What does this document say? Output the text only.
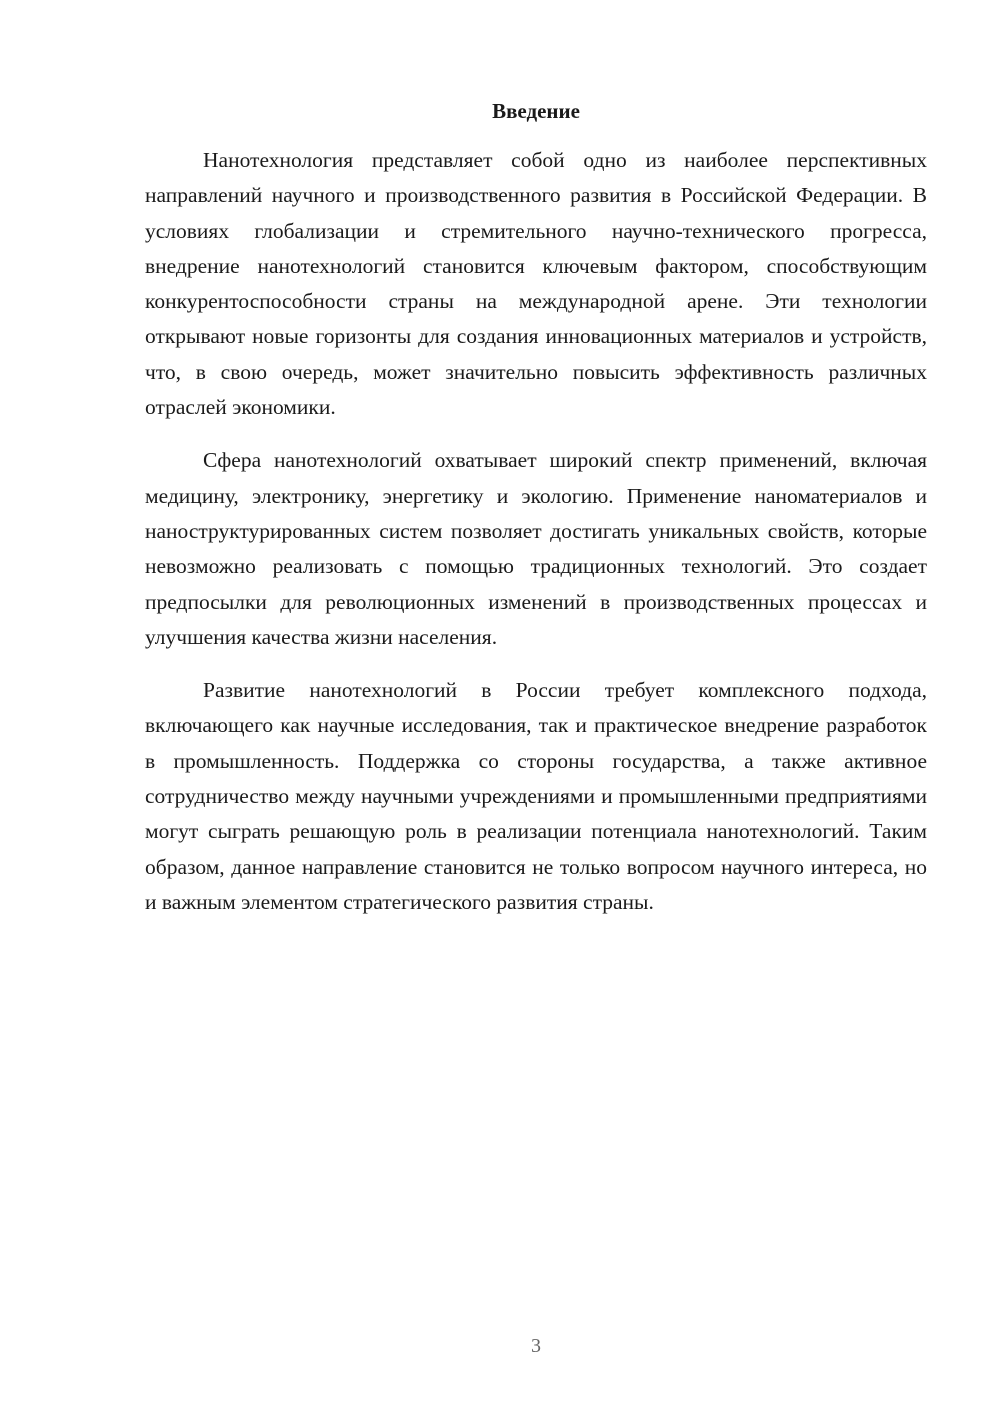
Введение

Нанотехнология представляет собой одно из наиболее перспективных направлений научного и производственного развития в Российской Федерации. В условиях глобализации и стремительного научно-технического прогресса, внедрение нанотехнологий становится ключевым фактором, способствующим конкурентоспособности страны на международной арене. Эти технологии открывают новые горизонты для создания инновационных материалов и устройств, что, в свою очередь, может значительно повысить эффективность различных отраслей экономики.

Сфера нанотехнологий охватывает широкий спектр применений, включая медицину, электронику, энергетику и экологию. Применение наноматериалов и наноструктурированных систем позволяет достигать уникальных свойств, которые невозможно реализовать с помощью традиционных технологий. Это создает предпосылки для революционных изменений в производственных процессах и улучшения качества жизни населения.

Развитие нанотехнологий в России требует комплексного подхода, включающего как научные исследования, так и практическое внедрение разработок в промышленность. Поддержка со стороны государства, а также активное сотрудничество между научными учреждениями и промышленными предприятиями могут сыграть решающую роль в реализации потенциала нанотехнологий. Таким образом, данное направление становится не только вопросом научного интереса, но и важным элементом стратегического развития страны.

3
